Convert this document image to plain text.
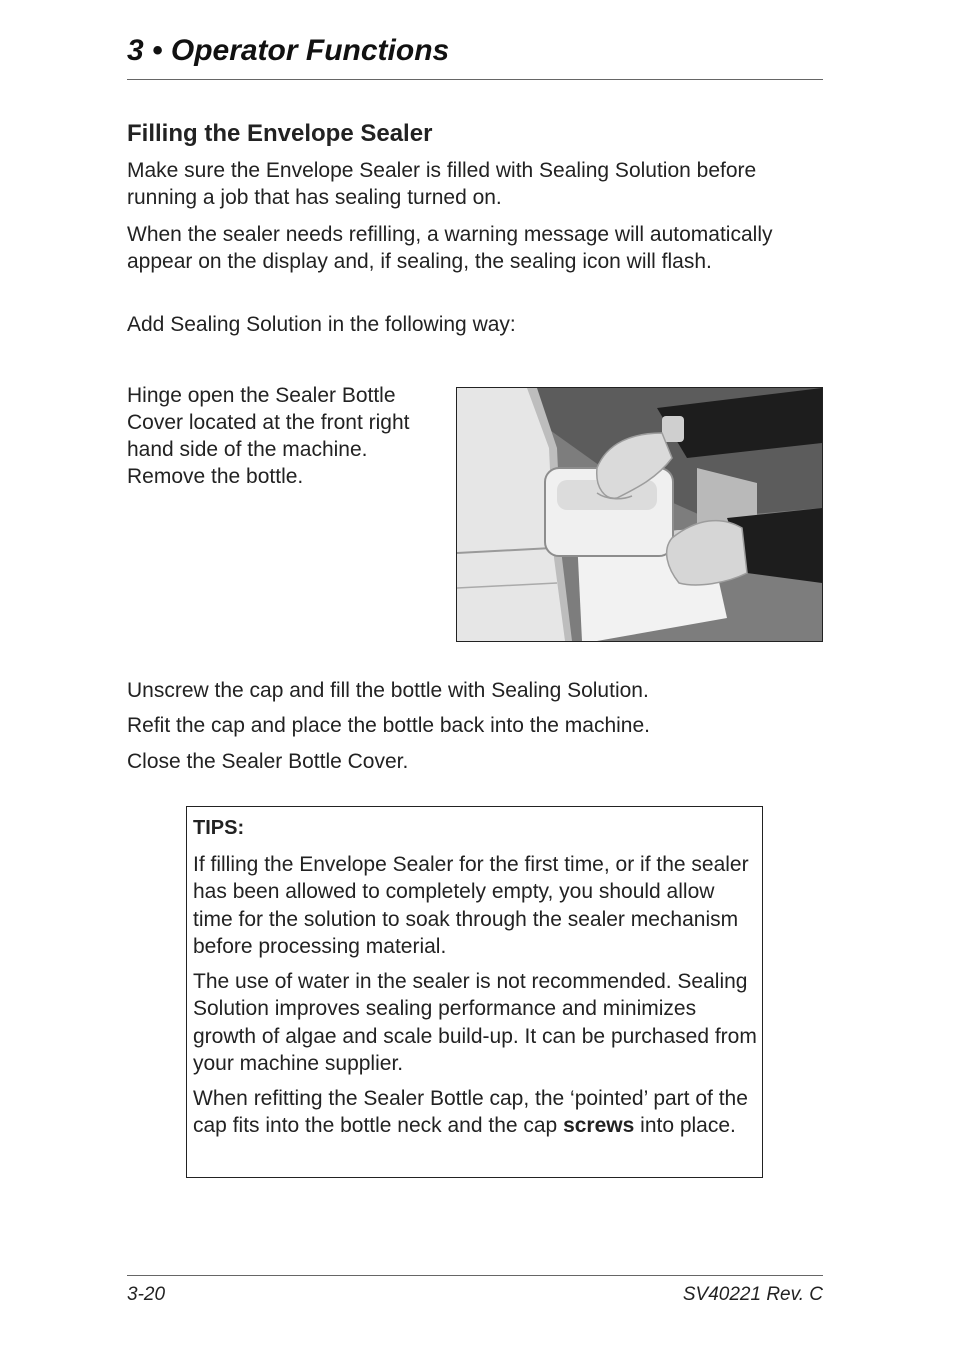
3 • Operator Functions
Filling the Envelope Sealer
Make sure the Envelope Sealer is filled with Sealing Solution before running a job that has sealing turned on.
When the sealer needs refilling, a warning message will automatically appear on the display and, if sealing, the sealing icon will flash.
Add Sealing Solution in the following way:
Hinge open the Sealer Bottle Cover located at the front right hand side of the machine. Remove the bottle.
Unscrew the cap and fill the bottle with Sealing Solution.
Refit the cap and place the bottle back into the machine.
Close the Sealer Bottle Cover.
TIPS:
If filling the Envelope Sealer for the first time, or if the sealer has been allowed to completely empty, you should allow time for the solution to soak through the sealer mechanism before processing material.
The use of water in the sealer is not recommended. Sealing Solution improves sealing performance and minimizes growth of algae and scale build-up. It can be purchased from your machine supplier.
When refitting the Sealer Bottle cap, the ‘pointed’ part of the cap fits into the bottle neck and the cap screws into place.
3-20	SV40221 Rev. C
